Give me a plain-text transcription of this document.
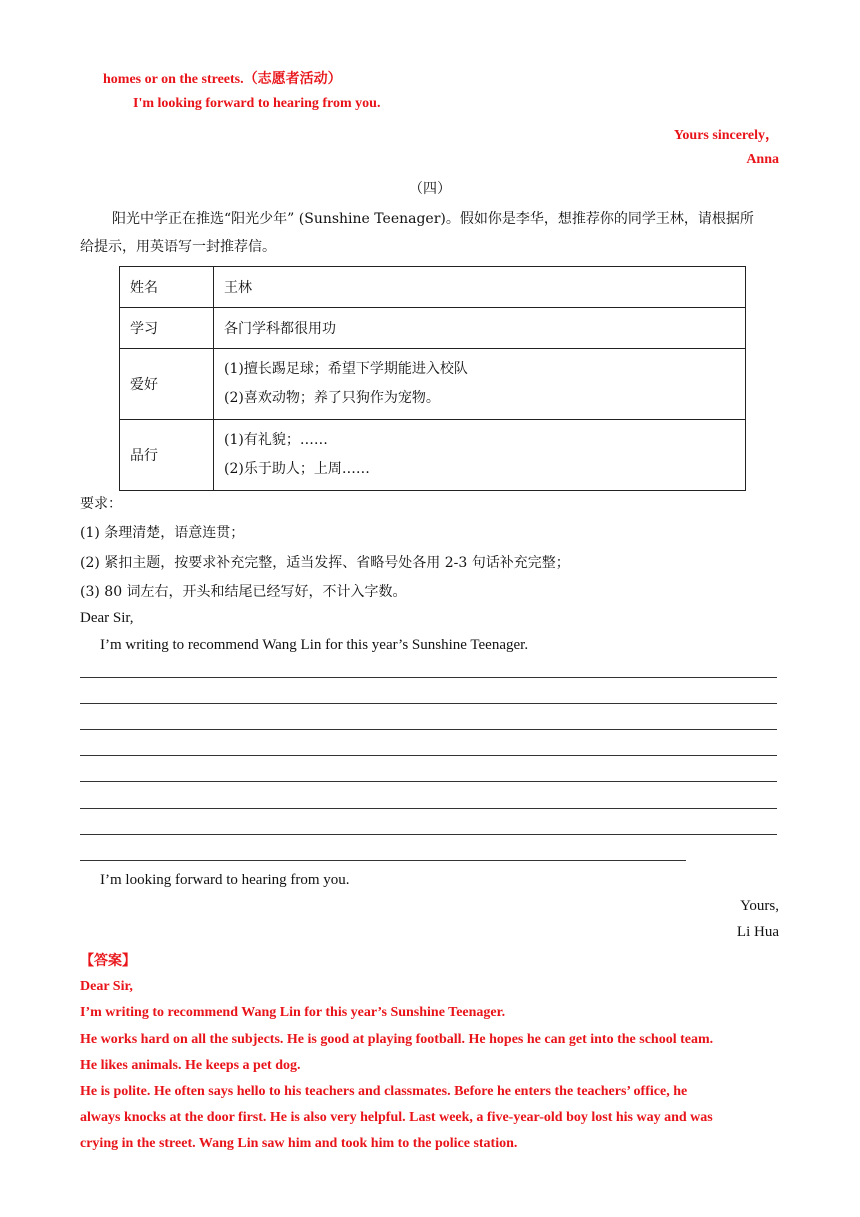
homes or on the streets.（志愿者活动）
I'm looking forward to hearing from you.
Yours sincerely，
Anna
（四）
阳光中学正在推选“阳光少年” (Sunshine Teenager)。假如你是李华，想推荐你的同学王林，请根据所
给提示，用英语写一封推荐信。
姓名	王林
学习	各门学科都很用功
爱好	(1)擅长踢足球；希望下学期能进入校队
(2)喜欢动物；养了只狗作为宠物。

品行	(1)有礼貌；……
(2)乐于助人；上周……
要求：
(1) 条理清楚，语意连贯；
(2) 紧扣主题，按要求补充完整，适当发挥、省略号处各用 2-3 句话补充完整；
(3) 80 词左右，开头和结尾已经写好，不计入字数。
Dear Sir,
I’m writing to recommend Wang Lin for this year’s Sunshine Teenager.
I’m looking forward to hearing from you.
Yours,
Li Hua
【答案】
Dear Sir,
I’m writing to recommend Wang Lin for this year’s Sunshine Teenager.
He works hard on all the subjects. He is good at playing football. He hopes he can get into the school team.
He likes animals. He keeps a pet dog.
He is polite. He often says hello to his teachers and classmates. Before he enters the teachers’ office, he
always knocks at the door first. He is also very helpful. Last week, a five-year-old boy lost his way and was
crying in the street. Wang Lin saw him and took him to the police station.
